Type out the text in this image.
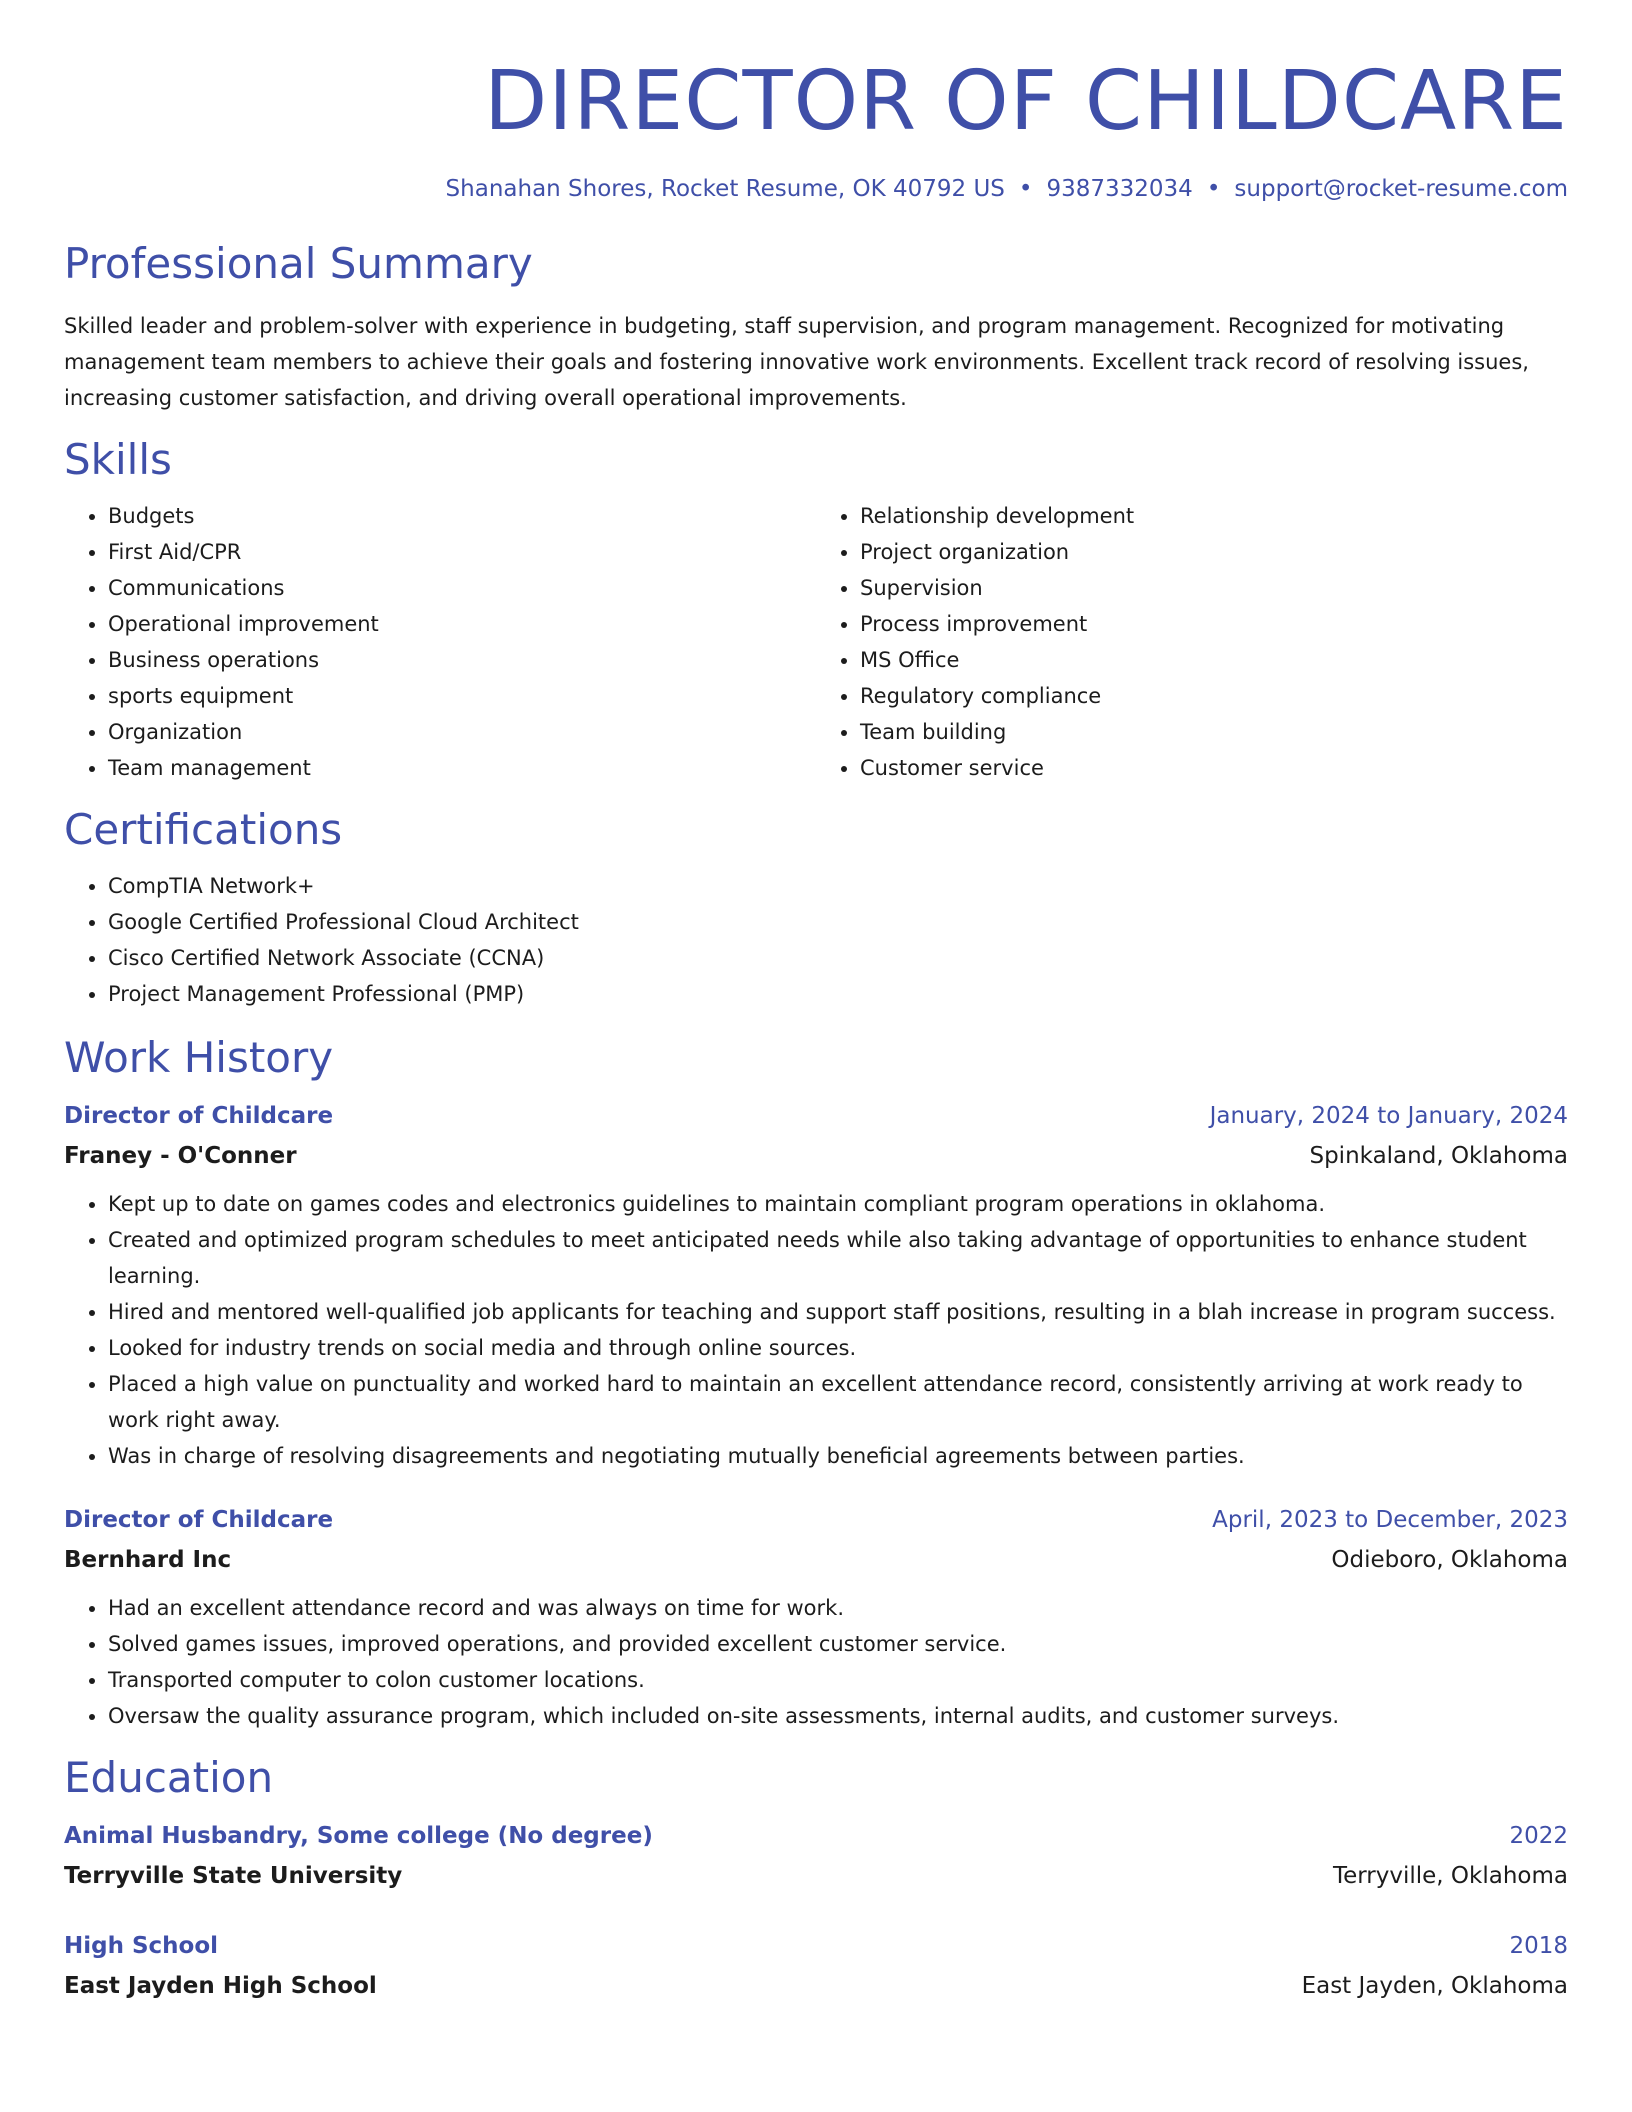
DIRECTOR OF CHILDCARE
Shanahan Shores, Rocket Resume, OK 40792 US • 9387332034 • support@rocket-resume.com
Professional Summary

Skilled leader and problem-solver with experience in budgeting, staff supervision, and program management. Recognized for motivating management team members to achieve their goals and fostering innovative work environments. Excellent track record of resolving issues, increasing customer satisfaction, and driving overall operational improvements.

Skills
• Budgets
• First Aid/CPR
• Communications
• Operational improvement
• Business operations
• sports equipment
• Organization
• Team management
• Relationship development
• Project organization
• Supervision
• Process improvement
• MS Office
• Regulatory compliance
• Team building
• Customer service
Certifications
• CompTIA Network+
• Google Certified Professional Cloud Architect
• Cisco Certified Network Associate (CCNA)
• Project Management Professional (PMP)
Work History
Director of Childcare	January, 2024 to January, 2024
Franey - O'Conner	Spinkaland, Oklahoma
• Kept up to date on games codes and electronics guidelines to maintain compliant program operations in oklahoma.
• Created and optimized program schedules to meet anticipated needs while also taking advantage of opportunities to enhance student learning.
• Hired and mentored well-qualified job applicants for teaching and support staff positions, resulting in a blah increase in program success.
• Looked for industry trends on social media and through online sources.
• Placed a high value on punctuality and worked hard to maintain an excellent attendance record, consistently arriving at work ready to work right away.
• Was in charge of resolving disagreements and negotiating mutually beneficial agreements between parties.
Director of Childcare	April, 2023 to December, 2023
Bernhard Inc	Odieboro, Oklahoma
• Had an excellent attendance record and was always on time for work.
• Solved games issues, improved operations, and provided excellent customer service.
• Transported computer to colon customer locations.
• Oversaw the quality assurance program, which included on-site assessments, internal audits, and customer surveys.
Education
Animal Husbandry, Some college (No degree)	2022
Terryville State University	Terryville, Oklahoma
High School	2018
East Jayden High School	East Jayden, Oklahoma
